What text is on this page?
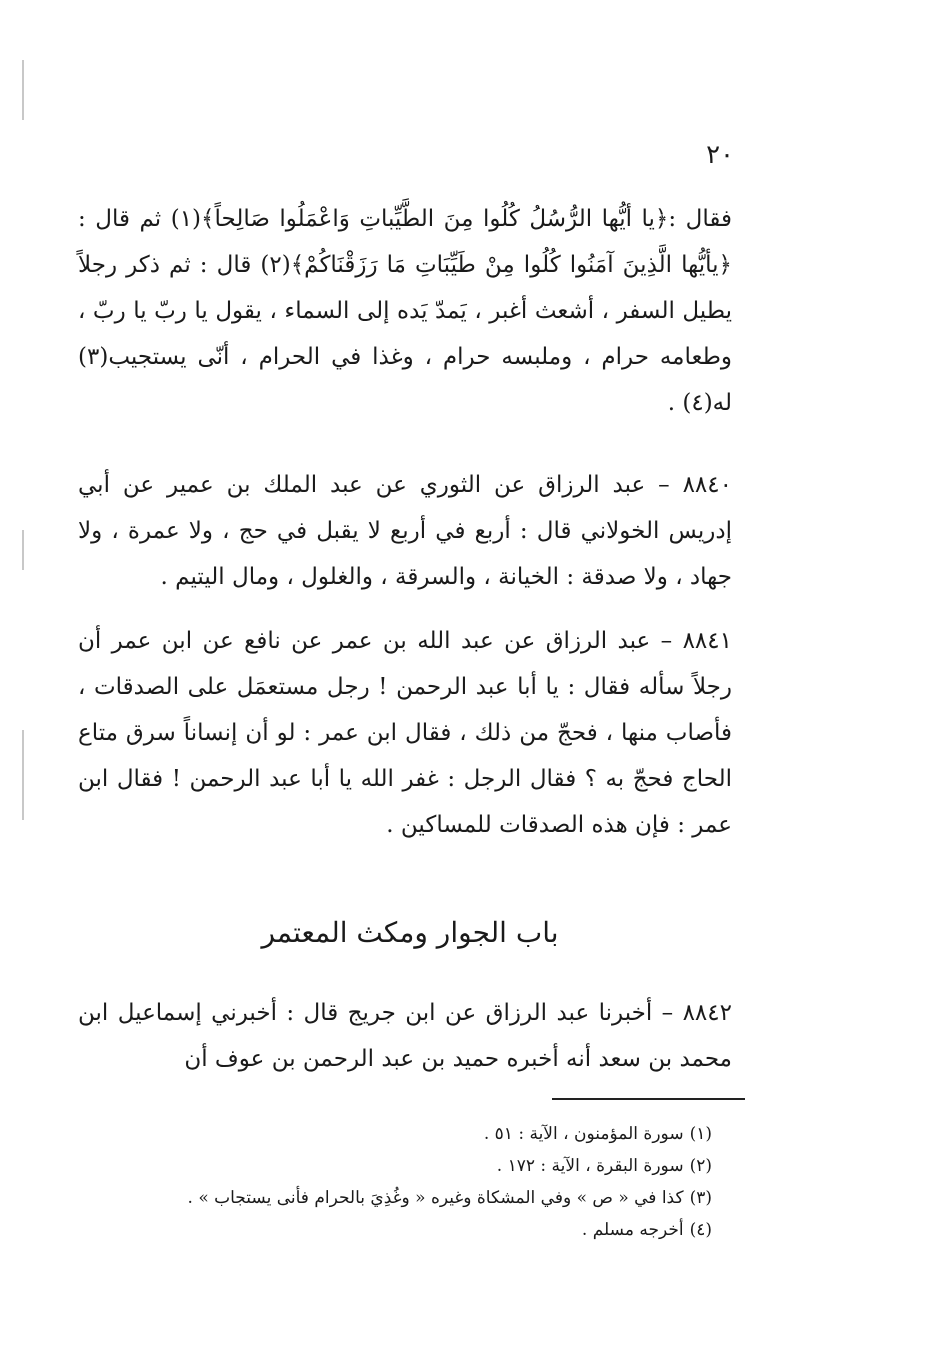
٢٠
فقال :﴿يا أيُّها الرُّسُلُ كُلُوا مِنَ الطَّيِّباتِ وَاعْمَلُوا صَالِحاً﴾(١) ثم قال : ﴿يأيُّها الَّذِينَ آمَنُوا كُلُوا مِنْ طَيِّبَاتِ مَا رَزَقْنَاكُمْ﴾(٢) قال : ثم ذكر رجلاً يطيل السفر ، أشعث أغبر ، يَمدّ يَده إلى السماء ، يقول يا ربّ يا ربّ ، وطعامه حرام ، وملبسه حرام ، وغذا في الحرام ، أنّى يستجيب(٣) له(٤) .
٨٨٤٠ – عبد الرزاق عن الثوري عن عبد الملك بن عمير عن أبي إدريس الخولاني قال : أربع في أربع لا يقبل في حج ، ولا عمرة ، ولا جهاد ، ولا صدقة : الخيانة ، والسرقة ، والغلول ، ومال اليتيم .
٨٨٤١ – عبد الرزاق عن عبد الله بن عمر عن نافع عن ابن عمر أن رجلاً سأله فقال : يا أبا عبد الرحمن ! رجل مستعمَل على الصدقات ، فأصاب منها ، فحجّ من ذلك ، فقال ابن عمر : لو أن إنساناً سرق متاع الحاج فحجّ به ؟ فقال الرجل : غفر الله يا أبا عبد الرحمن ! فقال ابن عمر : فإن هذه الصدقات للمساكين .
باب الجوار ومكث المعتمر
٨٨٤٢ – أخبرنا عبد الرزاق عن ابن جريج قال : أخبرني إسماعيل ابن محمد بن سعد أنه أخبره حميد بن عبد الرحمن بن عوف أن
(١)سورة المؤمنون ، الآية : ٥١ .
(٢)سورة البقرة ، الآية : ١٧٢ .
(٣)كذا في « ص » وفي المشكاة وغيره « وغُذِيَ بالحرام فأنى يستجاب » .
(٤)أخرجه مسلم .
